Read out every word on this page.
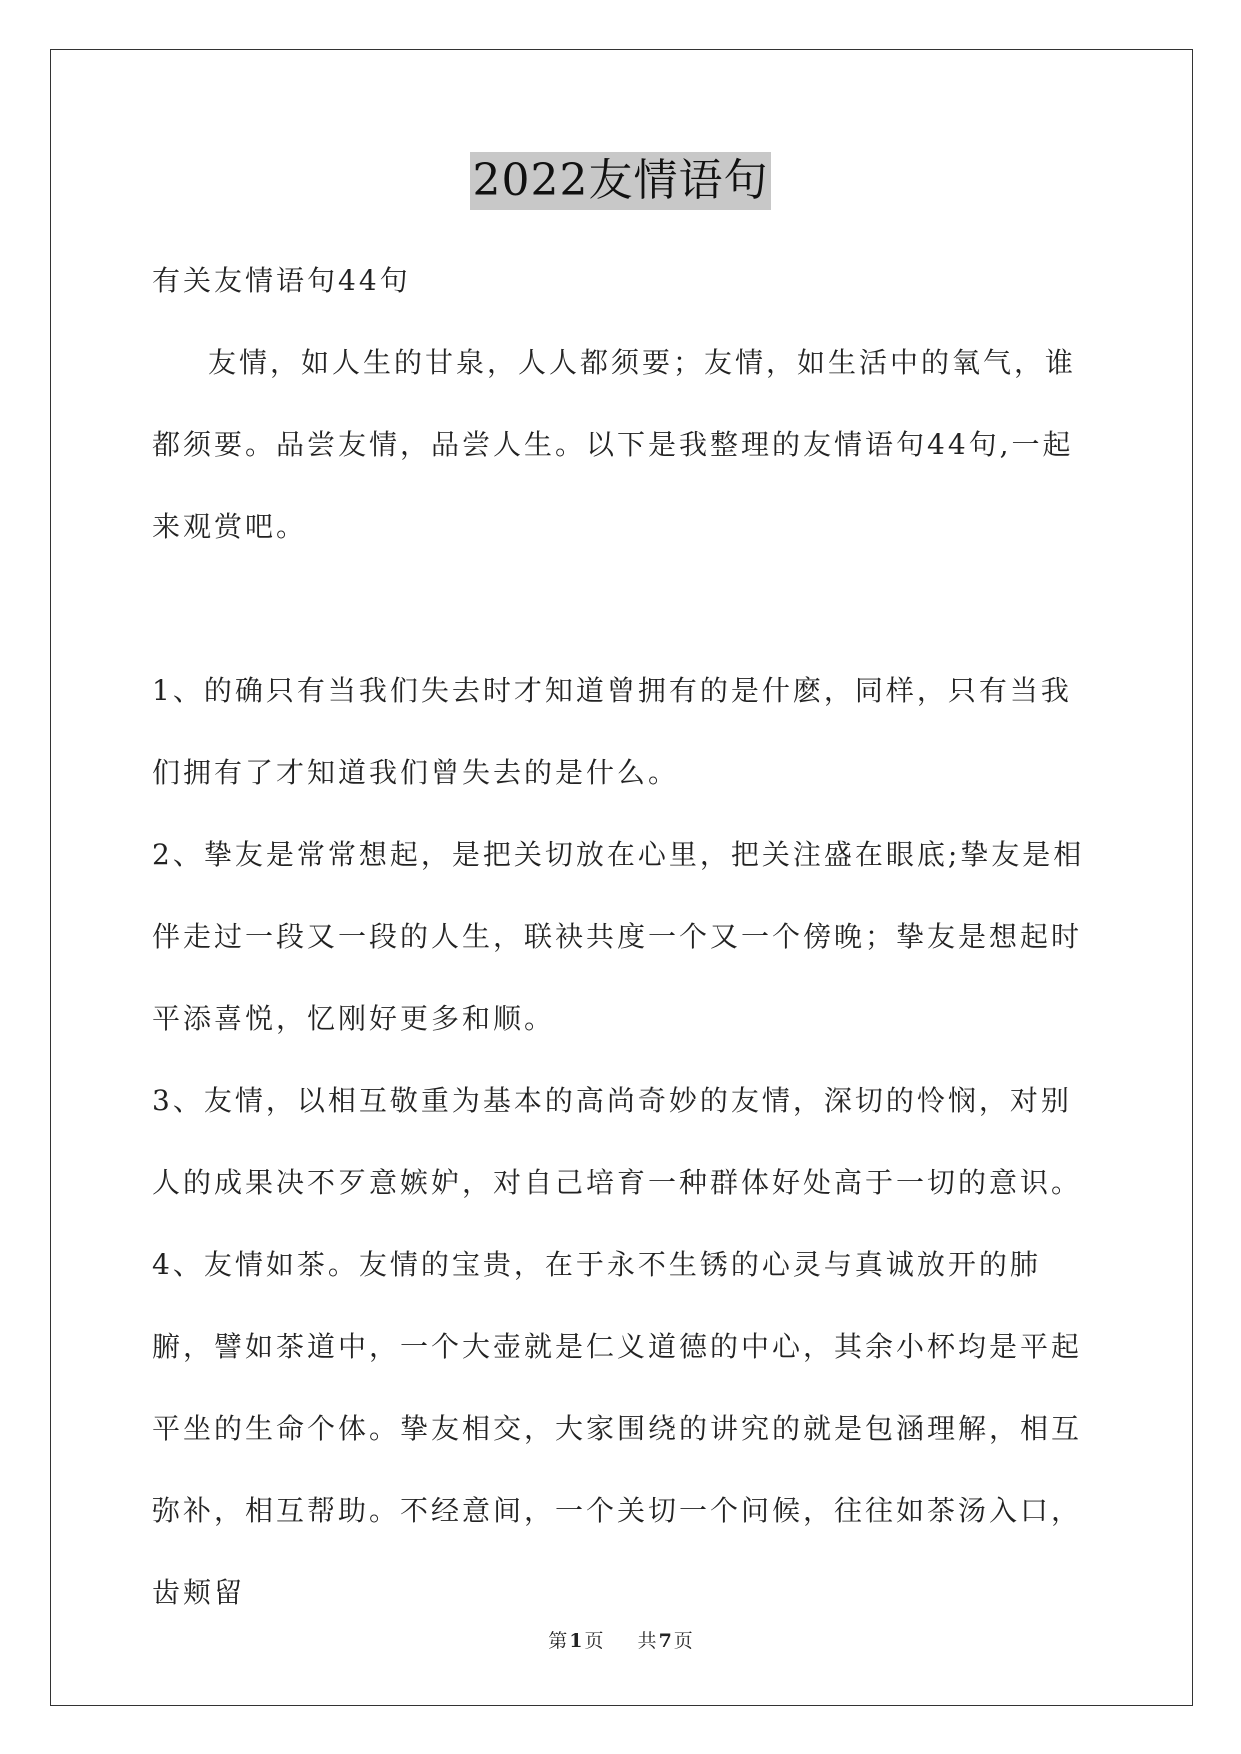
2022友情语句

有关友情语句44句

友情，如人生的甘泉，人人都须要；友情，如生活中的氧气，谁都须要。品尝友情，品尝人生。以下是我整理的友情语句44句,一起来观赏吧。

1、的确只有当我们失去时才知道曾拥有的是什麽，同样，只有当我们拥有了才知道我们曾失去的是什么。

2、挚友是常常想起，是把关切放在心里，把关注盛在眼底;挚友是相伴走过一段又一段的人生，联袂共度一个又一个傍晚；挚友是想起时平添喜悦，忆刚好更多和顺。

3、友情，以相互敬重为基本的高尚奇妙的友情，深切的怜悯，对别人的成果决不歹意嫉妒，对自己培育一种群体好处高于一切的意识。

4、友情如茶。友情的宝贵，在于永不生锈的心灵与真诚放开的肺腑，譬如茶道中，一个大壶就是仁义道德的中心，其余小杯均是平起平坐的生命个体。挚友相交，大家围绕的讲究的就是包涵理解，相互弥补，相互帮助。不经意间，一个关切一个问候，往往如茶汤入口，齿颊留

第 1 页 共 7 页
